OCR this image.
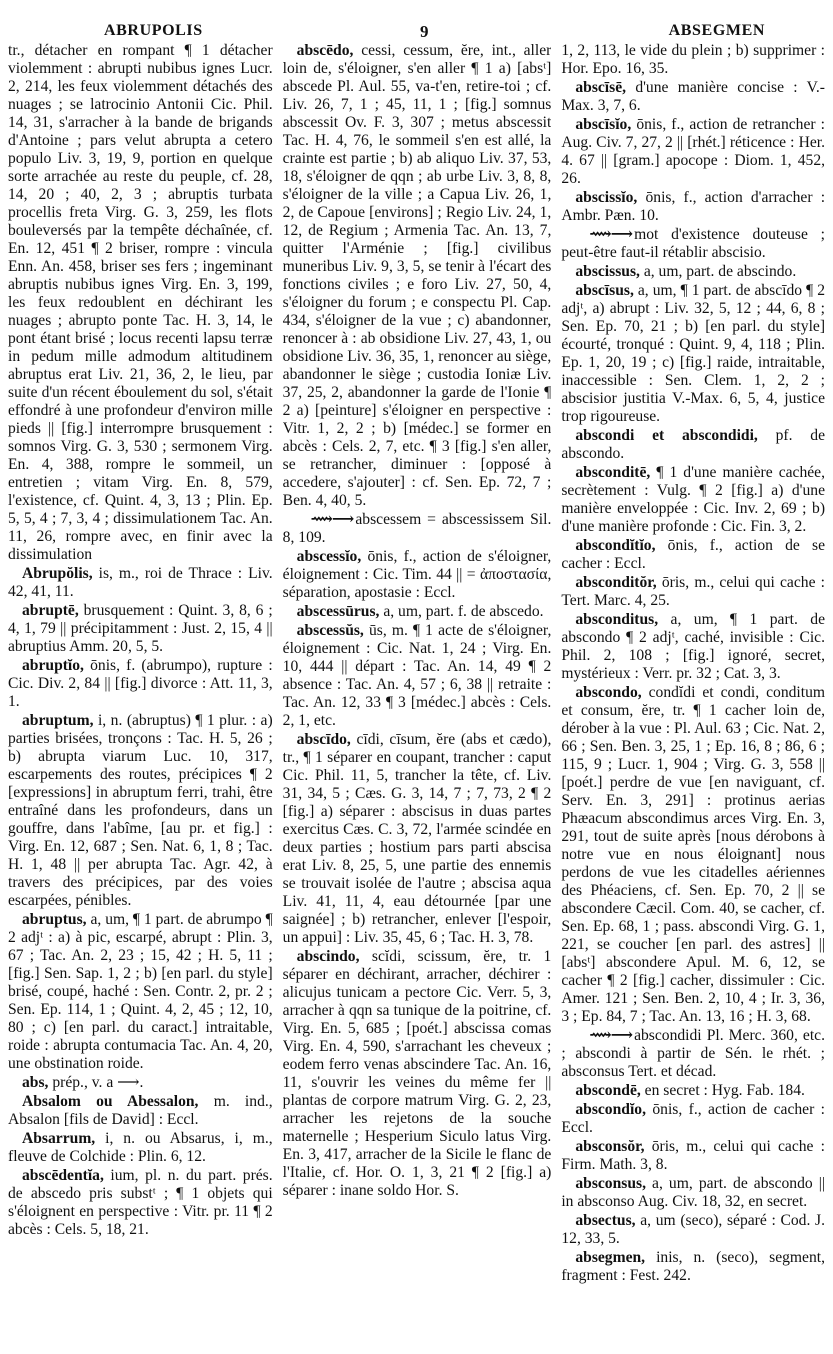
ABRUPOLIS	9	ABSEGMEN

tr., détacher en rompant ¶ 1 détacher violemment : abrupti nubibus ignes Lucr. 2, 214, les feux violemment détachés des nuages ; se latrocinio Antonii Cic. Phil. 14, 31, s'arracher à la bande de brigands d'Antoine ; pars velut abrupta a cetero populo Liv. 3, 19, 9, portion en quelque sorte arrachée au reste du peuple, cf. 28, 14, 20 ; 40, 2, 3 ; abruptis turbata procellis freta Virg. G. 3, 259, les flots bouleversés par la tempête déchaînée, cf. En. 12, 451 ¶ 2 briser, rompre : vincula Enn. An. 458, briser ses fers ; ingeminant abruptis nubibus ignes Virg. En. 3, 199, les feux redoublent en déchirant les nuages ; abrupto ponte Tac. H. 3, 14, le pont étant brisé ; locus recenti lapsu terræ in pedum mille admodum altitudinem abruptus erat Liv. 21, 36, 2, le lieu, par suite d'un récent éboulement du sol, s'était effondré à une profondeur d'environ mille pieds || [fig.] interrompre brusquement : somnos Virg. G. 3, 530 ; sermonem Virg. En. 4, 388, rompre le sommeil, un entretien ; vitam Virg. En. 8, 579, l'existence, cf. Quint. 4, 3, 13 ; Plin. Ep. 5, 5, 4 ; 7, 3, 4 ; dissimulationem Tac. An. 11, 26, rompre avec, en finir avec la dissimulation

Abrupŏlis, is, m., roi de Thrace : Liv. 42, 41, 11.

abruptē, brusquement : Quint. 3, 8, 6 ; 4, 1, 79 || précipitamment : Just. 2, 15, 4 || abruptius Amm. 20, 5, 5.

abruptĭo, ōnis, f. (abrumpo), rupture : Cic. Div. 2, 84 || [fig.] divorce : Att. 11, 3, 1.

abruptum, i, n. (abruptus) ¶ 1 plur. : a) parties brisées, tronçons : Tac. H. 5, 26 ; b) abrupta viarum Luc. 10, 317, escarpements des routes, précipices ¶ 2 [expressions] in abruptum ferri, trahi, être entraîné dans les profondeurs, dans un gouffre, dans l'abîme, [au pr. et fig.] : Virg. En. 12, 687 ; Sen. Nat. 6, 1, 8 ; Tac. H. 1, 48 || per abrupta Tac. Agr. 42, à travers des précipices, par des voies escarpées, pénibles.

abruptus, a, um, ¶ 1 part. de abrumpo ¶ 2 adjᵗ : a) à pic, escarpé, abrupt : Plin. 3, 67 ; Tac. An. 2, 23 ; 15, 42 ; H. 5, 11 ; [fig.] Sen. Sap. 1, 2 ; b) [en parl. du style] brisé, coupé, haché : Sen. Contr. 2, pr. 2 ; Sen. Ep. 114, 1 ; Quint. 4, 2, 45 ; 12, 10, 80 ; c) [en parl. du caract.] intraitable, roide : abrupta contumacia Tac. An. 4, 20, une obstination roide.

abs, prép., v. a ⟶.

Absalom ou Abessalon, m. ind., Absalon [fils de David] : Eccl.

Absarrum, i, n. ou Absarus, i, m., fleuve de Colchide : Plin. 6, 12.

abscēdentĭa, ium, pl. n. du part. prés. de abscedo pris substᵗ ; ¶ 1 objets qui s'éloignent en perspective : Vitr. pr. 11 ¶ 2 abcès : Cels. 5, 18, 21.

abscēdo, cessi, cessum, ĕre, int., aller loin de, s'éloigner, s'en aller ¶ 1 a) [absᵗ] abscede Pl. Aul. 55, va-t'en, retire-toi ; cf. Liv. 26, 7, 1 ; 45, 11, 1 ; [fig.] somnus abscessit Ov. F. 3, 307 ; metus abscessit Tac. H. 4, 76, le sommeil s'en est allé, la crainte est partie ; b) ab aliquo Liv. 37, 53, 18, s'éloigner de qqn ; ab urbe Liv. 3, 8, 8, s'éloigner de la ville ; a Capua Liv. 26, 1, 2, de Capoue [environs] ; Regio Liv. 24, 1, 12, de Regium ; Armenia Tac. An. 13, 7, quitter l'Arménie ; [fig.] civilibus muneribus Liv. 9, 3, 5, se tenir à l'écart des fonctions civiles ; e foro Liv. 27, 50, 4, s'éloigner du forum ; e conspectu Pl. Cap. 434, s'éloigner de la vue ; c) abandonner, renoncer à : ab obsidione Liv. 27, 43, 1, ou obsidione Liv. 36, 35, 1, renoncer au siège, abandonner le siège ; custodia Ioniæ Liv. 37, 25, 2, abandonner la garde de l'Ionie ¶ 2 a) [peinture] s'éloigner en perspective : Vitr. 1, 2, 2 ; b) [médec.] se former en abcès : Cels. 2, 7, etc. ¶ 3 [fig.] s'en aller, se retrancher, diminuer : [opposé à accedere, s'ajouter] : cf. Sen. Ep. 72, 7 ; Ben. 4, 40, 5.

⟿⟶ abscessem = abscessissem Sil. 8, 109.

abscessĭo, ōnis, f., action de s'éloigner, éloignement : Cic. Tim. 44 || = ἀποστασία, séparation, apostasie : Eccl.

abscessūrus, a, um, part. f. de abscedo.

abscessŭs, ūs, m. ¶ 1 acte de s'éloigner, éloignement : Cic. Nat. 1, 24 ; Virg. En. 10, 444 || départ : Tac. An. 14, 49 ¶ 2 absence : Tac. An. 4, 57 ; 6, 38 || retraite : Tac. An. 12, 33 ¶ 3 [médec.] abcès : Cels. 2, 1, etc.

abscīdo, cīdi, cīsum, ĕre (abs et cædo), tr., ¶ 1 séparer en coupant, trancher : caput Cic. Phil. 11, 5, trancher la tête, cf. Liv. 31, 34, 5 ; Cæs. G. 3, 14, 7 ; 7, 73, 2 ¶ 2 [fig.] a) séparer : abscisus in duas partes exercitus Cæs. C. 3, 72, l'armée scindée en deux parties ; hostium pars parti abscisa erat Liv. 8, 25, 5, une partie des ennemis se trouvait isolée de l'autre ; abscisa aqua Liv. 41, 11, 4, eau détournée [par une saignée] ; b) retrancher, enlever [l'espoir, un appui] : Liv. 35, 45, 6 ; Tac. H. 3, 78.

abscindo, scĭdi, scissum, ĕre, tr. 1 séparer en déchirant, arracher, déchirer : alicujus tunicam a pectore Cic. Verr. 5, 3, arracher à qqn sa tunique de la poitrine, cf. Virg. En. 5, 685 ; [poét.] abscissa comas Virg. En. 4, 590, s'arrachant les cheveux ; eodem ferro venas abscindere Tac. An. 16, 11, s'ouvrir les veines du même fer || plantas de corpore matrum Virg. G. 2, 23, arracher les rejetons de la souche maternelle ; Hesperium Siculo latus Virg. En. 3, 417, arracher de la Sicile le flanc de l'Italie, cf. Hor. O. 1, 3, 21 ¶ 2 [fig.] a) séparer : inane soldo Hor. S.

1, 2, 113, le vide du plein ; b) supprimer : Hor. Epo. 16, 35.

abscīsē, d'une manière concise : V.-Max. 3, 7, 6.

abscīsĭo, ōnis, f., action de retrancher : Aug. Civ. 7, 27, 2 || [rhét.] réticence : Her. 4. 67 || [gram.] apocope : Diom. 1, 452, 26.

abscissĭo, ōnis, f., action d'arracher : Ambr. Pæn. 10.

⟿⟶ mot d'existence douteuse ; peut-être faut-il rétablir abscisio.

abscissus, a, um, part. de abscindo.

abscīsus, a, um, ¶ 1 part. de abscīdo ¶ 2 adjᵗ, a) abrupt : Liv. 32, 5, 12 ; 44, 6, 8 ; Sen. Ep. 70, 21 ; b) [en parl. du style] écourté, tronqué : Quint. 9, 4, 118 ; Plin. Ep. 1, 20, 19 ; c) [fig.] raide, intraitable, inaccessible : Sen. Clem. 1, 2, 2 ; abscisior justitia V.-Max. 6, 5, 4, justice trop rigoureuse.

abscondi et abscondidi, pf. de abscondo.

absconditē, ¶ 1 d'une manière cachée, secrètement : Vulg. ¶ 2 [fig.] a) d'une manière enveloppée : Cic. Inv. 2, 69 ; b) d'une manière profonde : Cic. Fin. 3, 2.

abscondĭtĭo, ōnis, f., action de se cacher : Eccl.

absconditŏr, ōris, m., celui qui cache : Tert. Marc. 4, 25.

absconditus, a, um, ¶ 1 part. de abscondo ¶ 2 adjᵗ, caché, invisible : Cic. Phil. 2, 108 ; [fig.] ignoré, secret, mystérieux : Verr. pr. 32 ; Cat. 3, 3.

abscondo, condĭdi et condi, conditum et consum, ĕre, tr. ¶ 1 cacher loin de, dérober à la vue : Pl. Aul. 63 ; Cic. Nat. 2, 66 ; Sen. Ben. 3, 25, 1 ; Ep. 16, 8 ; 86, 6 ; 115, 9 ; Lucr. 1, 904 ; Virg. G. 3, 558 || [poét.] perdre de vue [en naviguant, cf. Serv. En. 3, 291] : protinus aerias Phæacum abscondimus arces Virg. En. 3, 291, tout de suite après [nous dérobons à notre vue en nous éloignant] nous perdons de vue les citadelles aériennes des Phéaciens, cf. Sen. Ep. 70, 2 || se abscondere Cæcil. Com. 40, se cacher, cf. Sen. Ep. 68, 1 ; pass. abscondi Virg. G. 1, 221, se coucher [en parl. des astres] || [absᵗ] abscondere Apul. M. 6, 12, se cacher ¶ 2 [fig.] cacher, dissimuler : Cic. Amer. 121 ; Sen. Ben. 2, 10, 4 ; Ir. 3, 36, 3 ; Ep. 84, 7 ; Tac. An. 13, 16 ; H. 3, 68.

⟿⟶ abscondidi Pl. Merc. 360, etc. ; abscondi à partir de Sén. le rhét. ; absconsus Tert. et décad.

abscondē, en secret : Hyg. Fab. 184.

abscondĭo, ōnis, f., action de cacher : Eccl.

absconsŏr, ōris, m., celui qui cache : Firm. Math. 3, 8.

absconsus, a, um, part. de abscondo || in absconso Aug. Civ. 18, 32, en secret.

absectus, a, um (seco), séparé : Cod. J. 12, 33, 5.

absegmen, inis, n. (seco), segment, fragment : Fest. 242.
